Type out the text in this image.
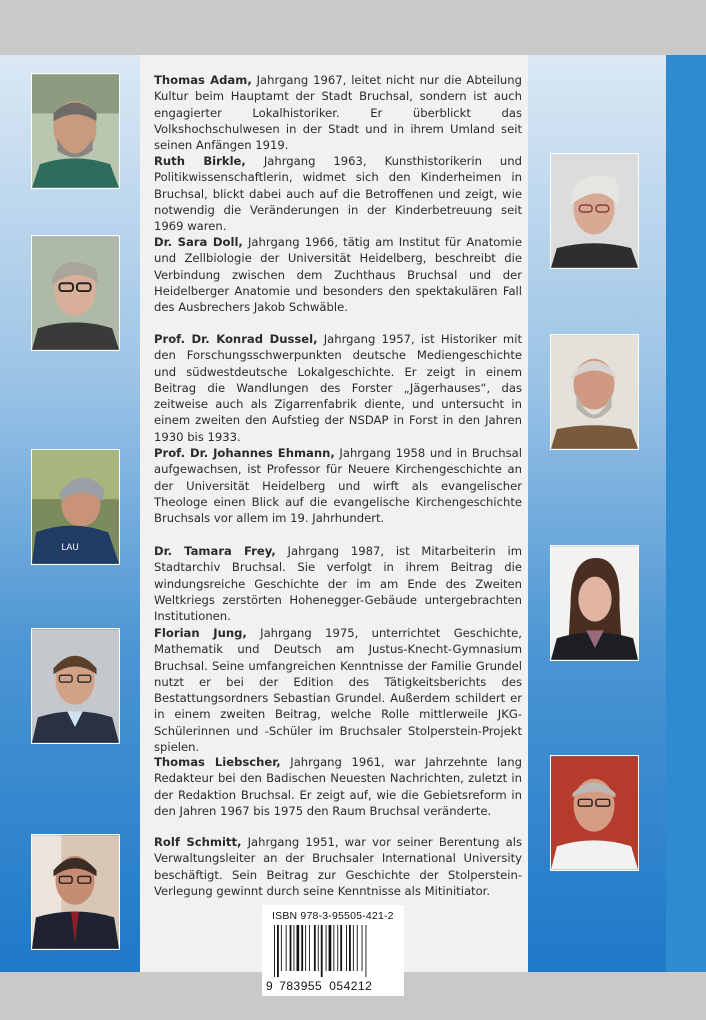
LAU

Thomas Adam, Jahrgang 1967, leitet nicht nur die Abteilung Kultur beim Hauptamt der Stadt Bruchsal, sondern ist auch engagierter Lokalhistoriker. Er überblickt das Volkshochschulwesen in der Stadt und in ihrem Umland seit seinen Anfängen 1919.

Ruth Birkle, Jahrgang 1963, Kunsthistorikerin und Politikwissenschaftlerin, widmet sich den Kinderheimen in Bruchsal, blickt dabei auch auf die Betroffenen und zeigt, wie notwendig die Veränderungen in der Kinderbetreuung seit 1969 waren.

Dr. Sara Doll, Jahrgang 1966, tätig am Institut für Anatomie und Zellbiologie der Universität Heidelberg, beschreibt die Verbindung zwischen dem Zuchthaus Bruchsal und der Heidelberger Anatomie und besonders den spektakulären Fall des Ausbrechers Jakob Schwäble.

Prof. Dr. Konrad Dussel, Jahrgang 1957, ist Historiker mit den Forschungsschwerpunkten deutsche Mediengeschichte und südwestdeutsche Lokalgeschichte. Er zeigt in einem Beitrag die Wandlungen des Forster „Jägerhauses“, das zeitweise auch als Zigarrenfabrik diente, und untersucht in einem zweiten den Aufstieg der NSDAP in Forst in den Jahren 1930 bis 1933.

Prof. Dr. Johannes Ehmann, Jahrgang 1958 und in Bruchsal aufgewachsen, ist Professor für Neuere Kirchengeschichte an der Universität Heidelberg und wirft als evangelischer Theologe einen Blick auf die evangelische Kirchengeschichte Bruchsals vor allem im 19. Jahrhundert.

Dr. Tamara Frey, Jahrgang 1987, ist Mitarbeiterin im Stadtarchiv Bruchsal. Sie verfolgt in ihrem Beitrag die windungsreiche Geschichte der im am Ende des Zweiten Weltkriegs zerstörten Hohenegger-Gebäude untergebrachten Institutionen.

Florian Jung, Jahrgang 1975, unterrichtet Geschichte, Mathematik und Deutsch am Justus-Knecht-Gymnasium Bruchsal. Seine umfangreichen Kenntnisse der Familie Grundel nutzt er bei der Edition des Tätigkeitsberichts des Bestattungsordners Sebastian Grundel. Außerdem schildert er in einem zweiten Beitrag, welche Rolle mittlerweile JKG-Schülerinnen und -Schüler im Bruchsaler Stolperstein-Projekt spielen.

Thomas Liebscher, Jahrgang 1961, war Jahrzehnte lang Redakteur bei den Badischen Neuesten Nachrichten, zuletzt in der Redaktion Bruchsal. Er zeigt auf, wie die Gebietsreform in den Jahren 1967 bis 1975 den Raum Bruchsal veränderte.

Rolf Schmitt, Jahrgang 1951, war vor seiner Berentung als Verwaltungsleiter an der Bruchsaler International University beschäftigt. Sein Beitrag zur Geschichte der Stolperstein-Verlegung gewinnt durch seine Kenntnisse als Mitinitiator.

ISBN 978-3-95505-421-2
9 783955 054212
